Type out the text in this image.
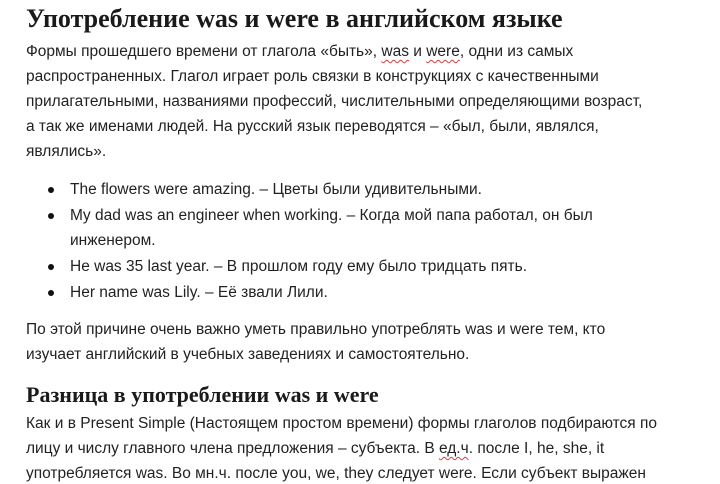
Употребление was и were в английском языке

Формы прошедшего времени от глагола «быть», was и were, одни из самых

распространенных. Глагол играет роль связки в конструкциях с качественными

прилагательными, названиями профессий, числительными определяющими возраст,

а так же именами людей. На русский язык переводятся – «был, были, являлся,

являлись».

The flowers were amazing. – Цветы были удивительными.

My dad was an engineer when working. – Когда мой папа работал, он был

инженером.

He was 35 last year. – В прошлом году ему было тридцать пять.

Her name was Lily. – Её звали Лили.

По этой причине очень важно уметь правильно употреблять was и were тем, кто

изучает английский в учебных заведениях и самостоятельно.

Разница в употреблении was и were

Как и в Present Simple (Настоящем простом времени) формы глаголов подбираются по

лицу и числу главного члена предложения – субъекта. В ед.ч. после I, he, she, it

употребляется was. Во мн.ч. после you, we, they следует were. Если субъект выражен
